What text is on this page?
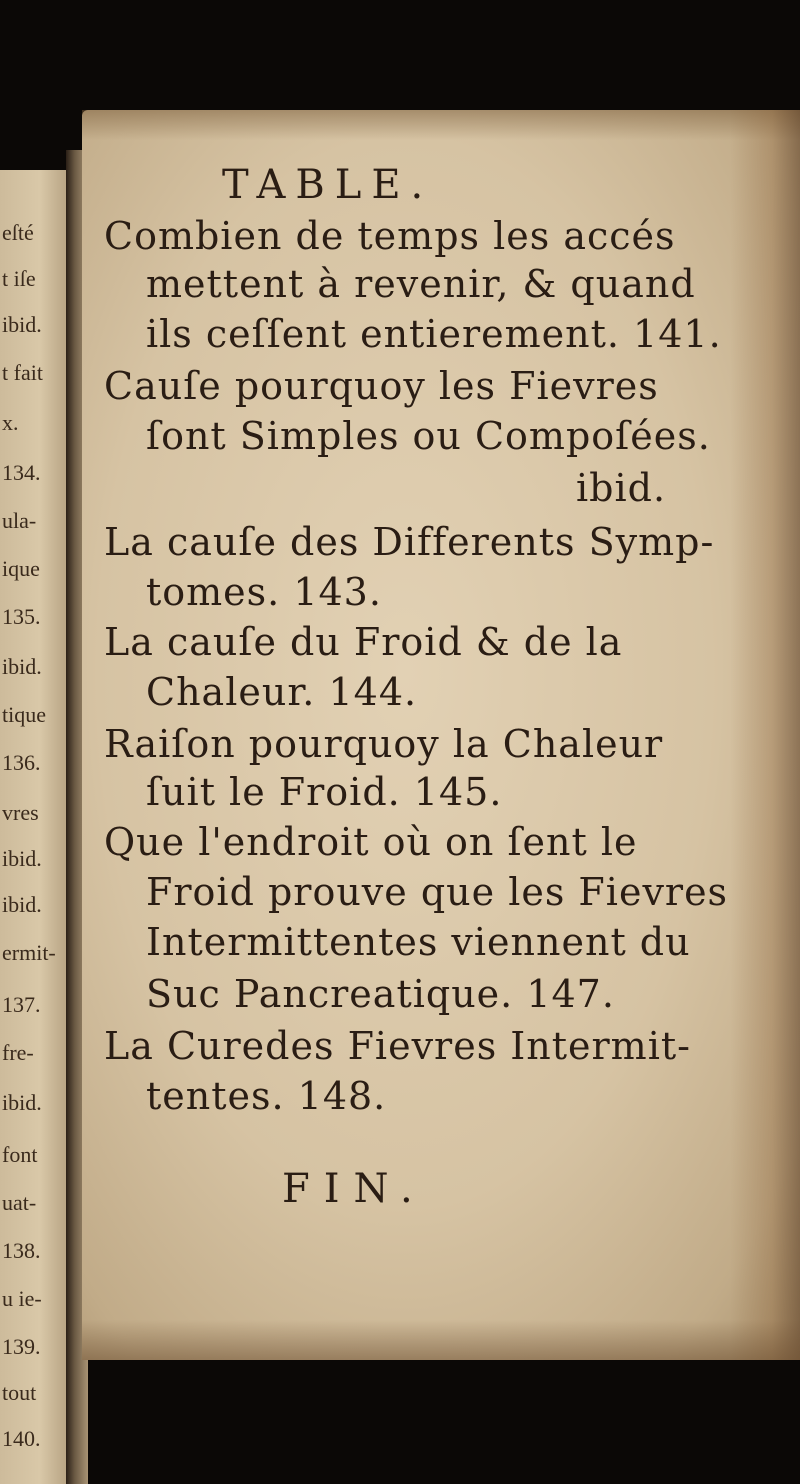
eſté
t iſe
ibid.
t fait
x.
134.
ula-
ique
135.
ibid.
tique
136.
vres
ibid.
ibid.
ermit-
137.
fre-
ibid.
font
uat-
138.
u ie-
139.
tout
140.
TABLE.
Combien de temps les accés
mettent à revenir, & quand
ils ceſſent entierement. 141.
Cauſe pourquoy les Fievres
ſont Simples ou Compoſées.
ibid.
La cauſe des Differents Symp-
tomes. 143.
La cauſe du Froid & de la
Chaleur. 144.
Raiſon pourquoy la Chaleur
ſuit le Froid. 145.
Que l'endroit où on ſent le
Froid prouve que les Fievres
Intermittentes viennent du
Suc Pancreatique. 147.
La Curedes Fievres Intermit-
tentes. 148.
FIN.
